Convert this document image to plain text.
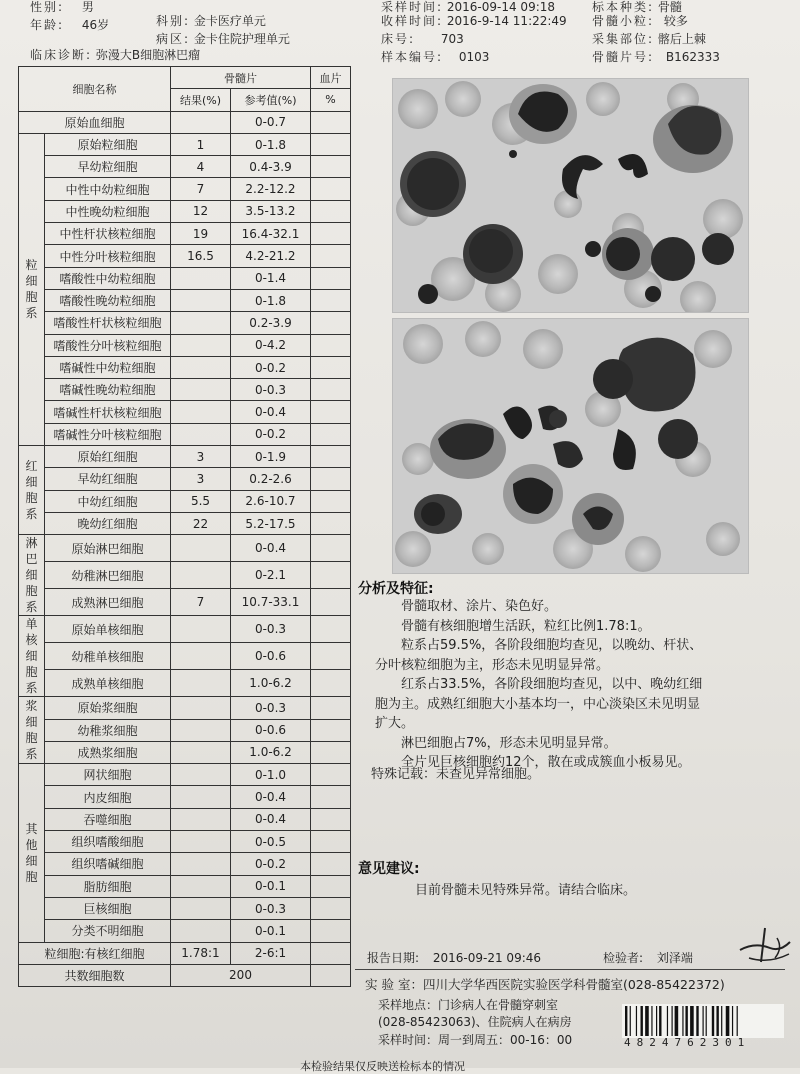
性别: 男	采样时间: 2016-09-14 09:18	标本种类: 骨髓
年龄: 46岁	科别: 金卡医疗单元	收样时间: 2016-9-14 11:22:49 骨髓小粒: 较多
病区: 金卡住院护理单元	床号: 703	采集部位: 髂后上棘
临床诊断: 弥漫大B细胞淋巴瘤	样本编号: 0103	骨髓片号: B162333
细胞名称		骨髓片		血片
		结果(%)	参考值(%)	%
原始血细胞			0-0.7	
粒细胞系	原始粒细胞	1	0-1.8	
	早幼粒细胞	4	0.4-3.9	
	中性中幼粒细胞	7	2.2-12.2	
	中性晚幼粒细胞	12	3.5-13.2	
	中性杆状核粒细胞	19	16.4-32.1	
	中性分叶核粒细胞	16.5	4.2-21.2	
	嗜酸性中幼粒细胞		0-1.4	
	嗜酸性晚幼粒细胞		0-1.8	
	嗜酸性杆状核粒细胞		0.2-3.9	
	嗜酸性分叶核粒细胞		0-4.2	
	嗜碱性中幼粒细胞		0-0.2	
	嗜碱性晚幼粒细胞		0-0.3	
	嗜碱性杆状核粒细胞		0-0.4	
	嗜碱性分叶核粒细胞		0-0.2	
红细胞系	原始红细胞	3	0-1.9	
	早幼红细胞	3	0.2-2.6	
	中幼红细胞	5.5	2.6-10.7	
	晚幼红细胞	22	5.2-17.5	
淋巴细胞系	原始淋巴细胞		0-0.4	
	幼稚淋巴细胞		0-2.1	
	成熟淋巴细胞	7	10.7-33.1	
单核细胞系	原始单核细胞		0-0.3	
	幼稚单核细胞		0-0.6	
	成熟单核细胞		1.0-6.2	
浆细胞系	原始浆细胞		0-0.3	
	幼稚浆细胞		0-0.6	
	成熟浆细胞		1.0-6.2	
其他细胞	网状细胞		0-1.0	
	内皮细胞		0-0.4	
	吞噬细胞		0-0.4	
	组织嗜酸细胞		0-0.5	
	组织嗜碱细胞		0-0.2	
	脂肪细胞		0-0.1	
	巨核细胞		0-0.3	
	分类不明细胞		0-0.1	
粒细胞:有核红细胞		1.78:1	2-6:1	
共数细胞数		200		
分析及特征:
骨髓取材、涂片、染色好。
骨髓有核细胞增生活跃，粒红比例1.78:1。
粒系占59.5%，各阶段细胞均查见，以晚幼、杆状、
分叶核粒细胞为主，形态未见明显异常。
红系占33.5%，各阶段细胞均查见，以中、晚幼红细
胞为主。成熟红细胞大小基本均一，中心淡染区未见明显
扩大。
淋巴细胞占7%，形态未见明显异常。
全片见巨核细胞约12个，散在或成簇血小板易见。
特殊记载：未查见异常细胞。
意见建议:
目前骨髓未见特殊异常。请结合临床。
报告日期: 2016-09-21 09:46	检验者: 刘泽端
实 验 室：四川大学华西医院实验医学科骨髓室(028-85422372)
采样地点：门诊病人在骨髓穿刺室
(028-85423063)、住院病人在病房
采样时间：周一到周五：00-16：00	4824762301
本检验结果仅反映送检标本的情况
